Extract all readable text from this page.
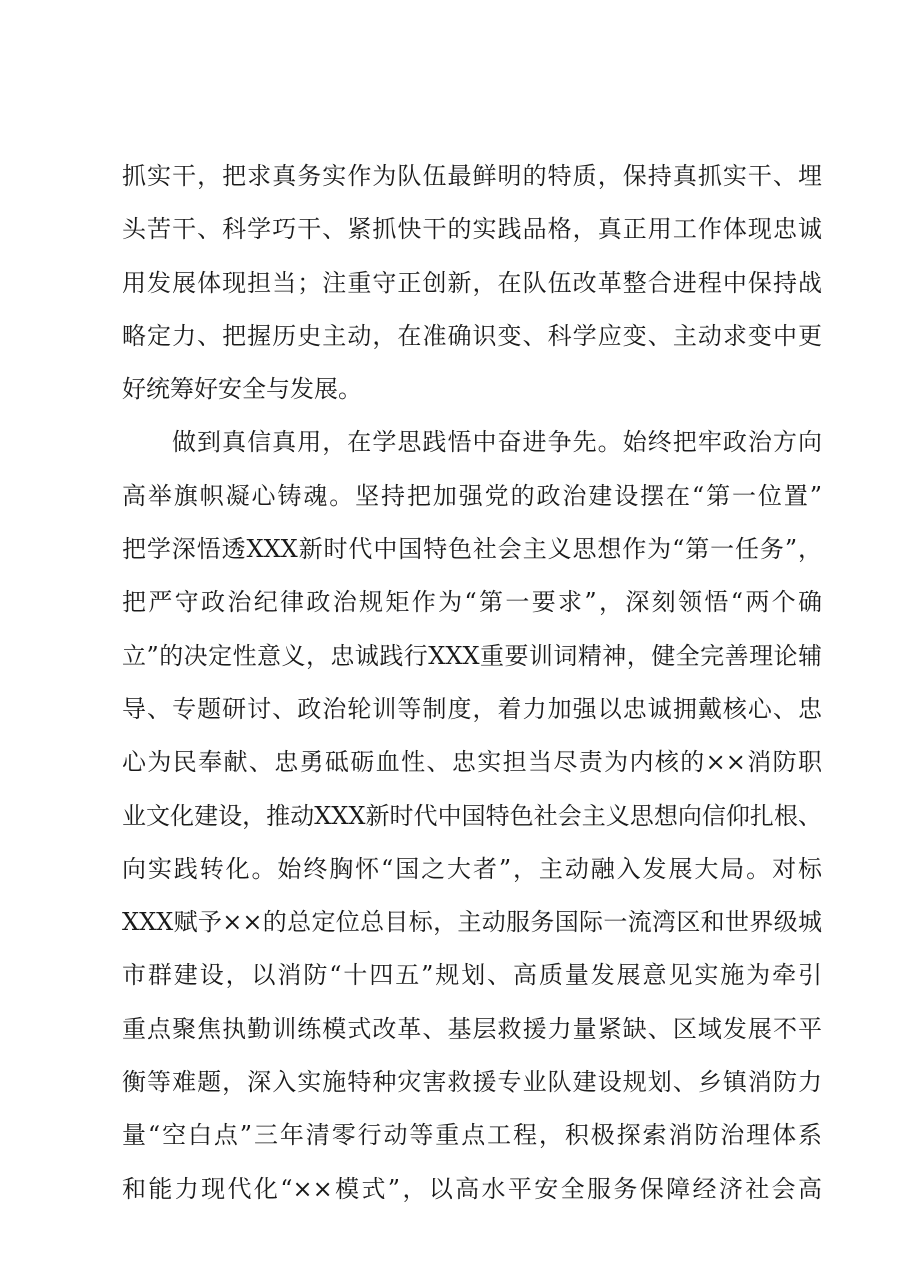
抓实干，把求真务实作为队伍最鲜明的特质，保持真抓实干、埋
头苦干、科学巧干、紧抓快干的实践品格，真正用工作体现忠诚
用发展体现担当；注重守正创新，在队伍改革整合进程中保持战
略定力、把握历史主动，在准确识变、科学应变、主动求变中更
好统筹好安全与发展。
做到真信真用，在学思践悟中奋进争先。始终把牢政治方向
高举旗帜凝心铸魂。坚持把加强党的政治建设摆在“第一位置”
把学深悟透XXX新时代中国特色社会主义思想作为“第一任务”，
把严守政治纪律政治规矩作为“第一要求”，深刻领悟“两个确
立”的决定性意义，忠诚践行XXX重要训词精神，健全完善理论辅
导、专题研讨、政治轮训等制度，着力加强以忠诚拥戴核心、忠
心为民奉献、忠勇砥砺血性、忠实担当尽责为内核的××消防职
业文化建设，推动XXX新时代中国特色社会主义思想向信仰扎根、
向实践转化。始终胸怀“国之大者”，主动融入发展大局。对标
XXX赋予××的总定位总目标，主动服务国际一流湾区和世界级城
市群建设，以消防“十四五”规划、高质量发展意见实施为牵引
重点聚焦执勤训练模式改革、基层救援力量紧缺、区域发展不平
衡等难题，深入实施特种灾害救援专业队建设规划、乡镇消防力
量“空白点”三年清零行动等重点工程，积极探索消防治理体系
和能力现代化“××模式”，以高水平安全服务保障经济社会高
